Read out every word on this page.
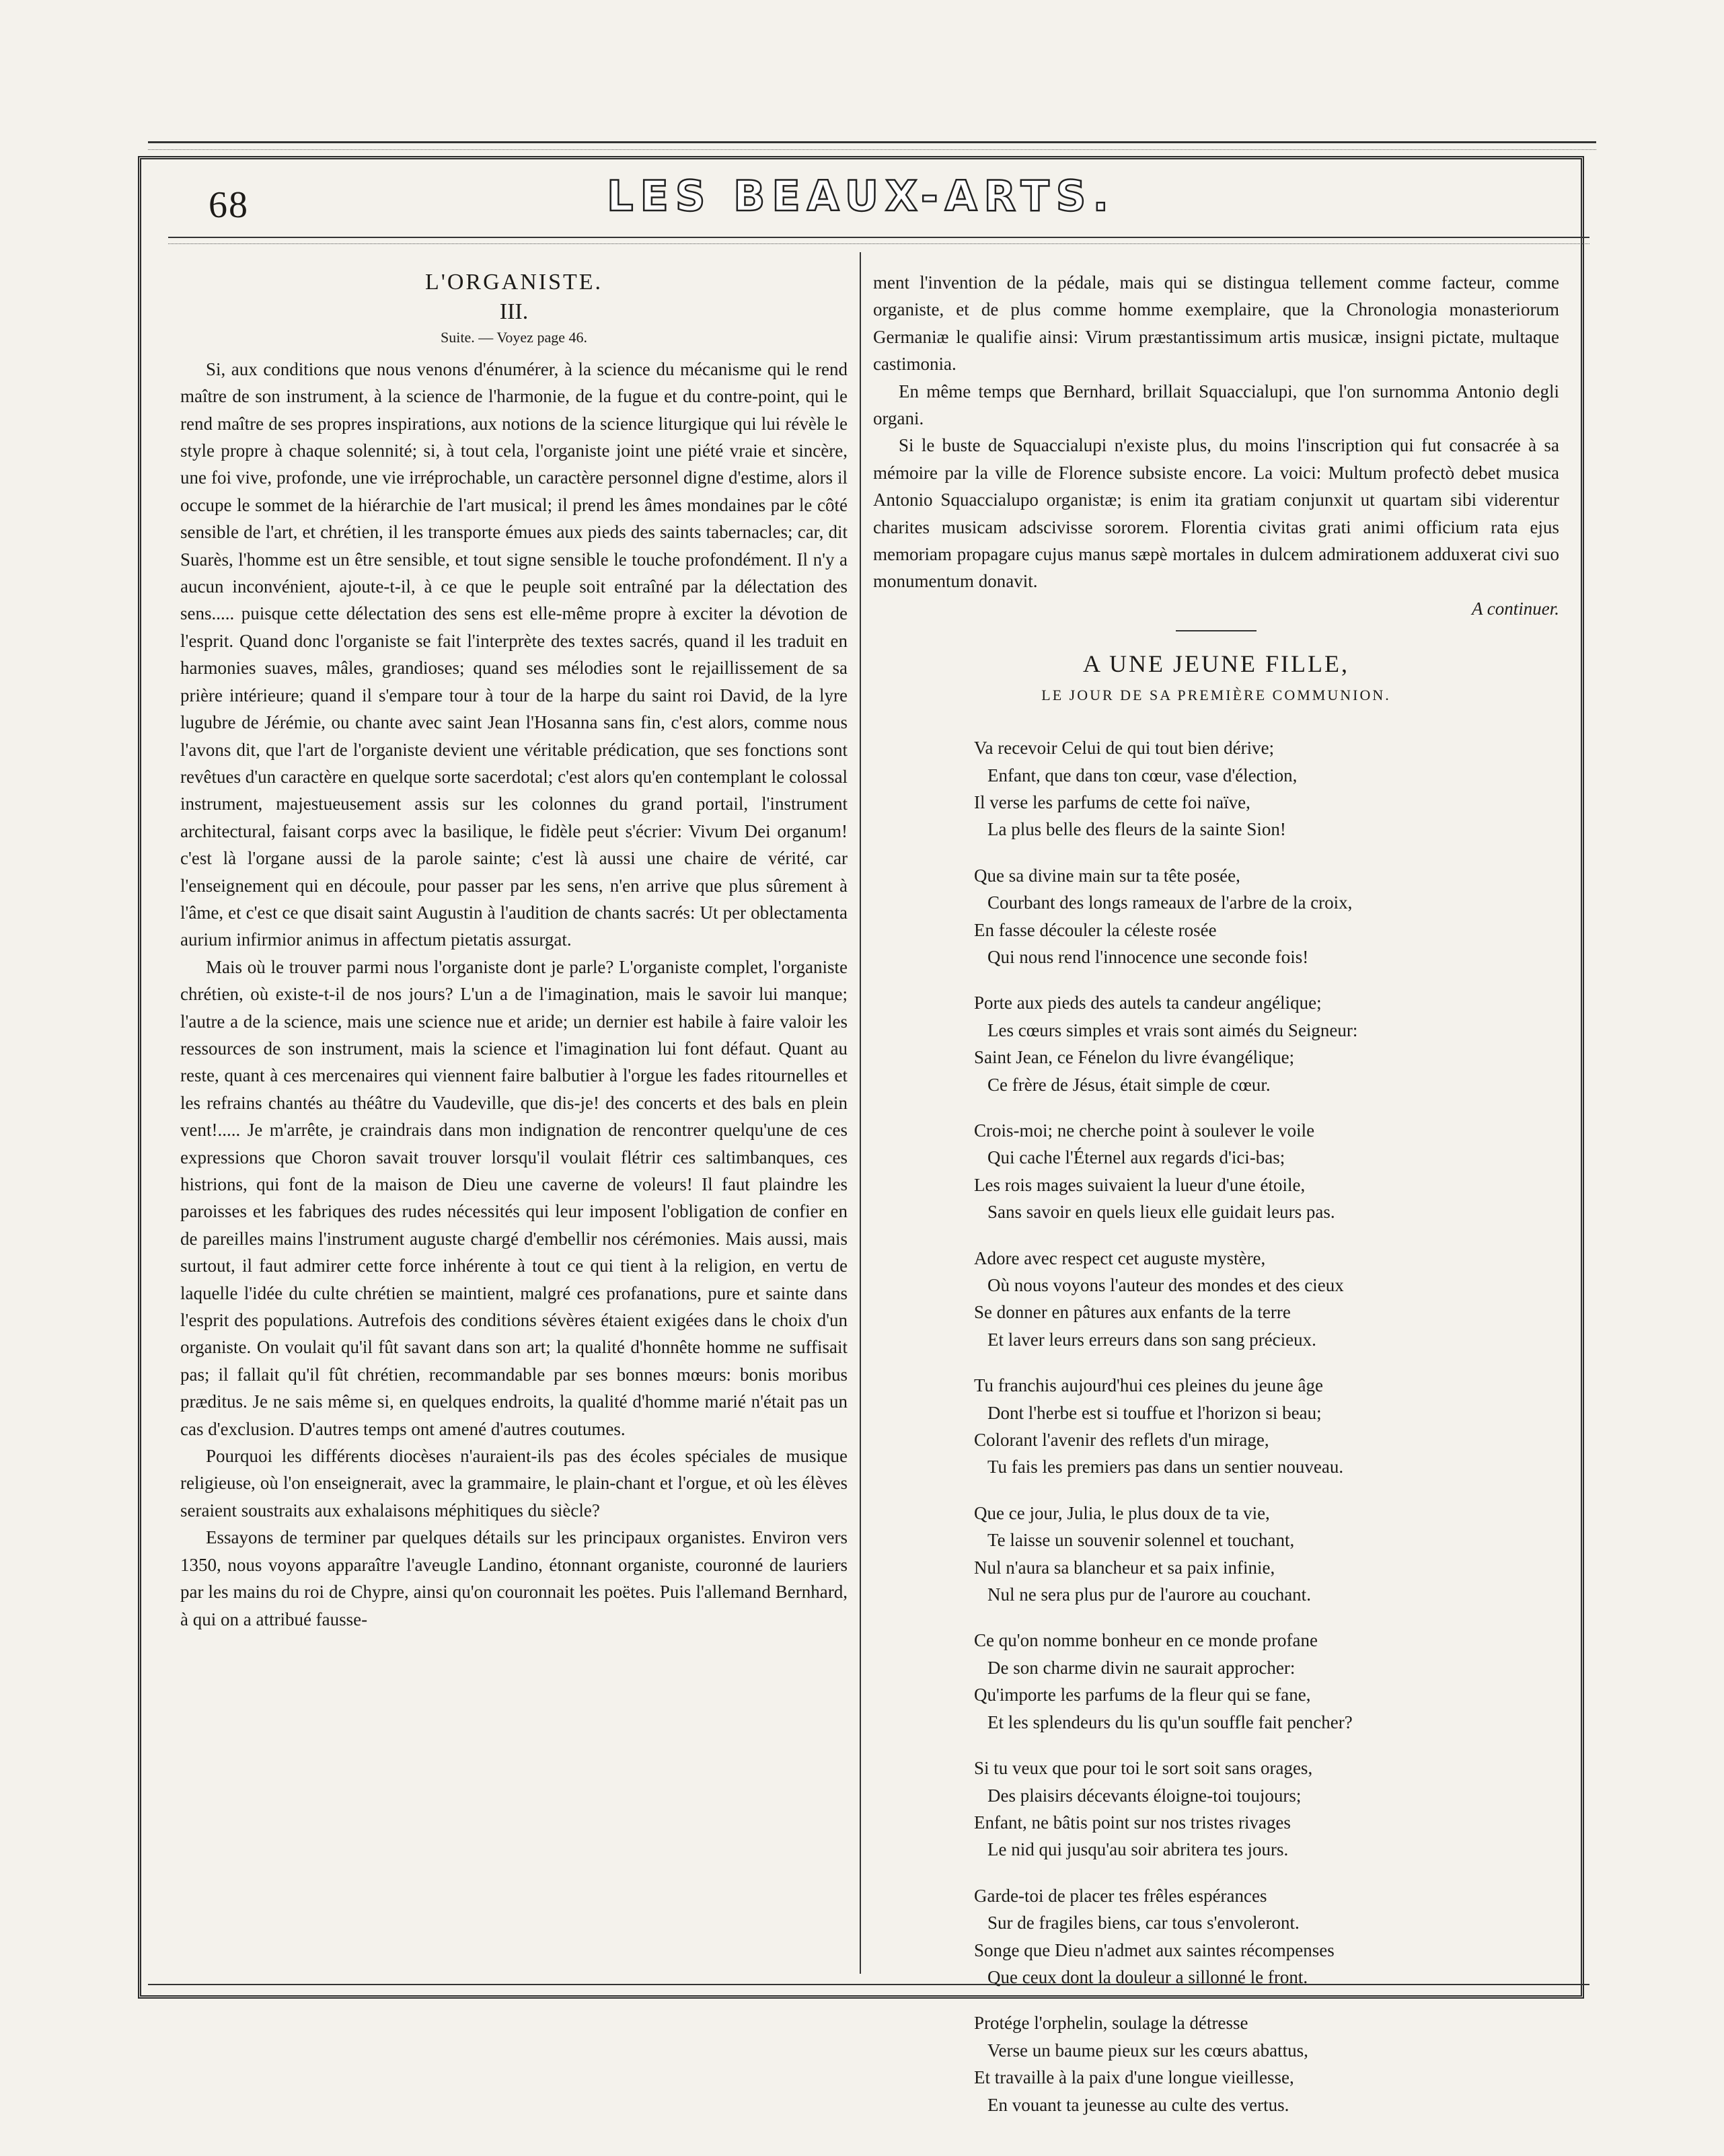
68	LES BEAUX-ARTS.
L'ORGANISTE.
III.
Suite. — Voyez page 46.

Si, aux conditions que nous venons d'énumérer, à la science du mécanisme qui le rend maître de son instrument, à la science de l'harmonie, de la fugue et du contre-point, qui le rend maître de ses propres inspirations, aux notions de la science liturgique qui lui révèle le style propre à chaque solennité; si, à tout cela, l'organiste joint une piété vraie et sincère, une foi vive, profonde, une vie irréprochable, un caractère personnel digne d'estime, alors il occupe le sommet de la hiérarchie de l'art musical; il prend les âmes mondaines par le côté sensible de l'art, et chrétien, il les transporte émues aux pieds des saints tabernacles; car, dit Suarès, l'homme est un être sensible, et tout signe sensible le touche profondément. Il n'y a aucun inconvénient, ajoute-t-il, à ce que le peuple soit entraîné par la délectation des sens..... puisque cette délectation des sens est elle-même propre à exciter la dévotion de l'esprit. Quand donc l'organiste se fait l'interprète des textes sacrés, quand il les traduit en harmonies suaves, mâles, grandioses; quand ses mélodies sont le rejaillissement de sa prière intérieure; quand il s'empare tour à tour de la harpe du saint roi David, de la lyre lugubre de Jérémie, ou chante avec saint Jean l'Hosanna sans fin, c'est alors, comme nous l'avons dit, que l'art de l'organiste devient une véritable prédication, que ses fonctions sont revêtues d'un caractère en quelque sorte sacerdotal; c'est alors qu'en contemplant le colossal instrument, majestueusement assis sur les colonnes du grand portail, l'instrument architectural, faisant corps avec la basilique, le fidèle peut s'écrier: Vivum Dei organum! c'est là l'organe aussi de la parole sainte; c'est là aussi une chaire de vérité, car l'enseignement qui en découle, pour passer par les sens, n'en arrive que plus sûrement à l'âme, et c'est ce que disait saint Augustin à l'audition de chants sacrés: Ut per oblectamenta aurium infirmior animus in affectum pietatis assurgat.

Mais où le trouver parmi nous l'organiste dont je parle? L'organiste complet, l'organiste chrétien, où existe-t-il de nos jours? L'un a de l'imagination, mais le savoir lui manque; l'autre a de la science, mais une science nue et aride; un dernier est habile à faire valoir les ressources de son instrument, mais la science et l'imagination lui font défaut. Quant au reste, quant à ces mercenaires qui viennent faire balbutier à l'orgue les fades ritournelles et les refrains chantés au théâtre du Vaudeville, que dis-je! des concerts et des bals en plein vent!..... Je m'arrête, je craindrais dans mon indignation de rencontrer quelqu'une de ces expressions que Choron savait trouver lorsqu'il voulait flétrir ces saltimbanques, ces histrions, qui font de la maison de Dieu une caverne de voleurs! Il faut plaindre les paroisses et les fabriques des rudes nécessités qui leur imposent l'obligation de confier en de pareilles mains l'instrument auguste chargé d'embellir nos cérémonies. Mais aussi, mais surtout, il faut admirer cette force inhérente à tout ce qui tient à la religion, en vertu de laquelle l'idée du culte chrétien se maintient, malgré ces profanations, pure et sainte dans l'esprit des populations. Autrefois des conditions sévères étaient exigées dans le choix d'un organiste. On voulait qu'il fût savant dans son art; la qualité d'honnête homme ne suffisait pas; il fallait qu'il fût chrétien, recommandable par ses bonnes mœurs: bonis moribus præditus. Je ne sais même si, en quelques endroits, la qualité d'homme marié n'était pas un cas d'exclusion. D'autres temps ont amené d'autres coutumes.

Pourquoi les différents diocèses n'auraient-ils pas des écoles spéciales de musique religieuse, où l'on enseignerait, avec la grammaire, le plain-chant et l'orgue, et où les élèves seraient soustraits aux exhalaisons méphitiques du siècle?

Essayons de terminer par quelques détails sur les principaux organistes. Environ vers 1350, nous voyons apparaître l'aveugle Landino, étonnant organiste, couronné de lauriers par les mains du roi de Chypre, ainsi qu'on couronnait les poëtes. Puis l'allemand Bernhard, à qui on a attribué fausse-

ment l'invention de la pédale, mais qui se distingua tellement comme facteur, comme organiste, et de plus comme homme exemplaire, que la Chronologia monasteriorum Germaniæ le qualifie ainsi: Virum præstantissimum artis musicæ, insigni pictate, multaque castimonia.

En même temps que Bernhard, brillait Squaccialupi, que l'on surnomma Antonio degli organi.

Si le buste de Squaccialupi n'existe plus, du moins l'inscription qui fut consacrée à sa mémoire par la ville de Florence subsiste encore. La voici: Multum profectò debet musica Antonio Squaccialupo organistæ; is enim ita gratiam conjunxit ut quartam sibi viderentur charites musicam adscivisse sororem. Florentia civitas grati animi officium rata ejus memoriam propagare cujus manus sæpè mortales in dulcem admirationem adduxerat civi suo monumentum donavit.

A continuer.

A UNE JEUNE FILLE,
LE JOUR DE SA PREMIÈRE COMMUNION.
Va recevoir Celui de qui tout bien dérive;
Enfant, que dans ton cœur, vase d'élection,
Il verse les parfums de cette foi naïve,
La plus belle des fleurs de la sainte Sion!
Que sa divine main sur ta tête posée,
Courbant des longs rameaux de l'arbre de la croix,
En fasse découler la céleste rosée
Qui nous rend l'innocence une seconde fois!
Porte aux pieds des autels ta candeur angélique;
Les cœurs simples et vrais sont aimés du Seigneur:
Saint Jean, ce Fénelon du livre évangélique;
Ce frère de Jésus, était simple de cœur.
Crois-moi; ne cherche point à soulever le voile
Qui cache l'Éternel aux regards d'ici-bas;
Les rois mages suivaient la lueur d'une étoile,
Sans savoir en quels lieux elle guidait leurs pas.
Adore avec respect cet auguste mystère,
Où nous voyons l'auteur des mondes et des cieux
Se donner en pâtures aux enfants de la terre
Et laver leurs erreurs dans son sang précieux.
Tu franchis aujourd'hui ces pleines du jeune âge
Dont l'herbe est si touffue et l'horizon si beau;
Colorant l'avenir des reflets d'un mirage,
Tu fais les premiers pas dans un sentier nouveau.
Que ce jour, Julia, le plus doux de ta vie,
Te laisse un souvenir solennel et touchant,
Nul n'aura sa blancheur et sa paix infinie,
Nul ne sera plus pur de l'aurore au couchant.
Ce qu'on nomme bonheur en ce monde profane
De son charme divin ne saurait approcher:
Qu'importe les parfums de la fleur qui se fane,
Et les splendeurs du lis qu'un souffle fait pencher?
Si tu veux que pour toi le sort soit sans orages,
Des plaisirs décevants éloigne-toi toujours;
Enfant, ne bâtis point sur nos tristes rivages
Le nid qui jusqu'au soir abritera tes jours.
Garde-toi de placer tes frêles espérances
Sur de fragiles biens, car tous s'envoleront.
Songe que Dieu n'admet aux saintes récompenses
Que ceux dont la douleur a sillonné le front.
Protége l'orphelin, soulage la détresse
Verse un baume pieux sur les cœurs abattus,
Et travaille à la paix d'une longue vieillesse,
En vouant ta jeunesse au culte des vertus.
